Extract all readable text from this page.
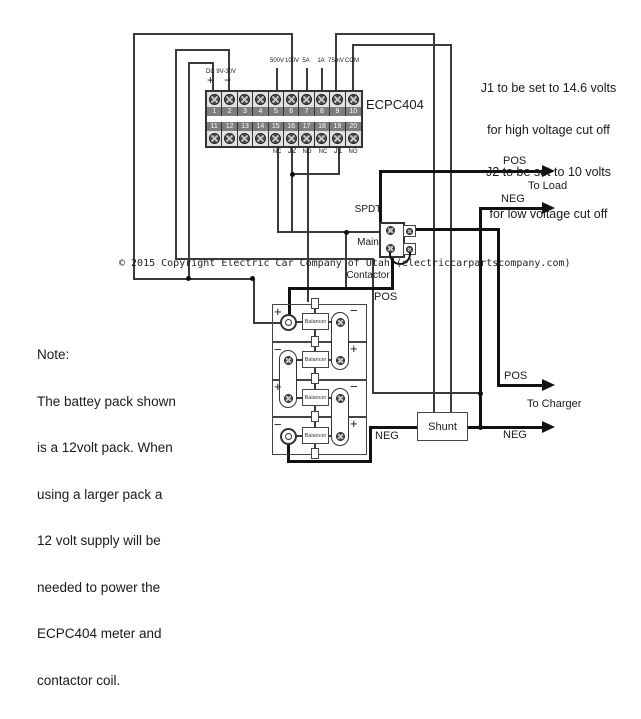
1	2	3	4	5	6	7	8	9	10
11	12	13	14	15	16	17	18	19	20
DC 9V-30V
+ −
500V 100V 5A	1A 75mV COM
ECPC404
NC J2	NO	NC J1	NO

SPDT

Main

Contactor

Balancer
Balancer
Balancer
Balancer
+	−
−	+
+	−
−	+
POS
NEG
Shunt
POS
To Load
NEG
POS
To Charger
NEG

J1 to be set to 14.6 volts

for high voltage cut off

J2 to be set to 10 volts

for low voltage cut off

© 2015 Copyright Electric Car Company of Utah (electriccarpartscompany.com)

Note:

The battey pack shown

is a 12volt pack. When

using a larger pack a

12 volt supply will be

needed to power the

ECPC404 meter and

contactor coil.
